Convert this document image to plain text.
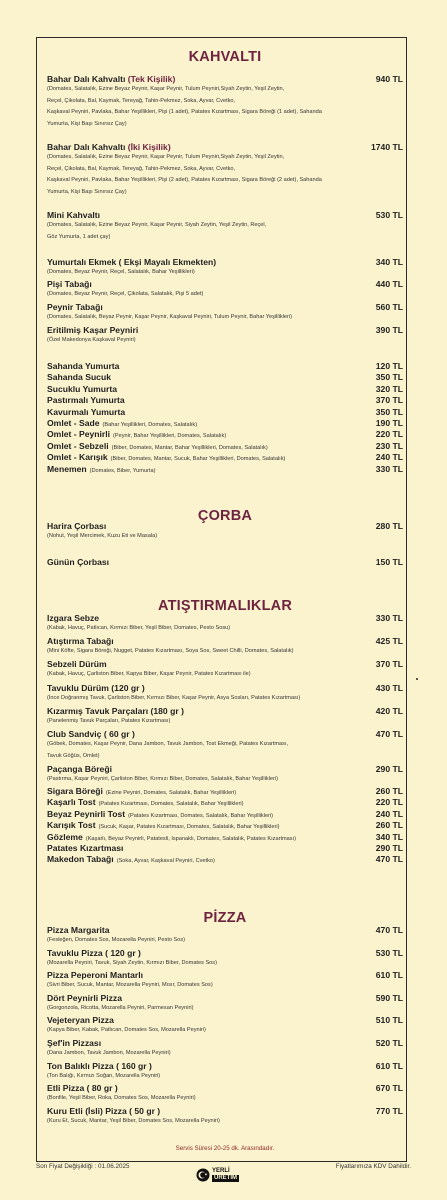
KAHVALTI
Bahar Dalı Kahvaltı (Tek Kişilik)	940 TL
(Domates, Salatalık, Ezine Beyaz Peynir, Kaşar Peynir, Tulum Peyniri,Siyah Zeytin, Yeşil Zeytin,
Reçel, Çikolata, Bal, Kaymak, Tereyağ, Tahin-Pekmez, Soka, Ayvar, Cvetko,
Kaşkaval Peyniri, Pavlaka, Bahar Yeşillikleri, Pişi (1 adet), Patates Kızartması, Sigara Böreği (1 adet), Sahanda
Yumurta, Kişi Başı Sınırsız Çay)
Bahar Dalı Kahvaltı (İki Kişilik)	1740 TL
(Domates, Salatalık, Ezine Beyaz Peynir, Kaşar Peynir, Tulum Peyniri,Siyah Zeytin, Yeşil Zeytin,
Reçel, Çikolata, Bal, Kaymak, Tereyağ, Tahin-Pekmez, Soka, Ayvar, Cvetko,
Kaşkaval Peyniri, Pavlaka, Bahar Yeşillikleri, Pişi (2 adet), Patates Kızartması, Sigara Böreği (2 adet), Sahanda
Yumurta, Kişi Başı Sınırsız Çay)
Mini Kahvaltı	530 TL
(Domates, Salatalık, Ezine Beyaz Peynir, Kaşar Peynir, Siyah Zeytin, Yeşil Zeytin, Reçel,
Göz Yumurta, 1 adet çay)
Yumurtalı Ekmek ( Ekşi Mayalı Ekmekten)	340 TL
(Domates, Beyaz Peynir, Reçel, Salatalık, Bahar Yeşillikleri)
Pişi Tabağı	440 TL
(Domates, Beyaz Peynir, Reçel, Çikolata, Salatalık, Pişi 5 adet)
Peynir Tabağı	560 TL
(Domates, Salatalık, Beyaz Peynir, Kaşar Peynir, Kaşkaval Peyniri, Tulum Peynir, Bahar Yeşillikleri)
Eritilmiş Kaşar Peyniri	390 TL
(Özel Makedonya Kaşkaval Peyniri)
Sahanda Yumurta	120 TL
Sahanda Sucuk	350 TL
Sucuklu Yumurta	320 TL
Pastırmalı Yumurta	370 TL
Kavurmalı Yumurta	350 TL
Omlet - Sade (Bahar Yeşillikleri, Domates, Salatalık)	190 TL
Omlet - Peynirli (Peynir, Bahar Yeşillikleri, Domates, Salatalık)	220 TL
Omlet - Sebzeli (Biber, Domates, Mantar, Bahar Yeşillikleri, Domates, Salatalık)	230 TL
Omlet - Karışık (Biber, Domates, Mantar, Sucuk, Bahar Yeşillikleri, Domates, Salatalık)	240 TL
Menemen (Domates, Biber, Yumurta)	330 TL
ÇORBA
Harira Çorbası	280 TL
(Nohut, Yeşil Mercimek, Kuzu Eti ve Masala)
Günün Çorbası	150 TL
ATIŞTIRMALIKLAR
Izgara Sebze	330 TL
(Kabak, Havuç, Patlıcan, Kırmızı Biber, Yeşil Biber, Domates, Pesto Sosu)
Atıştırma Tabağı	425 TL
(Mini Köfte, Sigara Böreği, Nugget, Patates Kızartması, Soya Sos, Sweet Chilli, Domates, Salatalık)
Sebzeli Dürüm	370 TL
(Kabak, Havuç, Çarliston Biber, Kapya Biber, Kaşar Peynir, Patates Kızartması ile)
Tavuklu Dürüm (120 gr )	430 TL
(İnce Doğranmış Tavuk, Çarliston Biber, Kırmızı Biber, Kaşar Peynir, Asya Sosları, Patates Kızartması)
Kızarmış Tavuk Parçaları (180 gr )	420 TL
(Panelenmiş Tavuk Parçaları, Patates Kızartması)
Club Sandviç ( 60 gr )	470 TL
(Göbek, Domates, Kaşar Peynir, Dana Jambon, Tavuk Jambon, Tost Ekmeği, Patates Kızartması,
Tavuk Göğüs, Omlet)
Paçanga Böreği	290 TL
(Pastırma, Kaşar Peyniri, Çarliston Biber, Kırmızı Biber, Domates, Salatalık, Bahar Yeşillikleri)
Sigara Böreği (Ezine Peyniri, Domates, Salatalık, Bahar Yeşillikleri)	260 TL
Kaşarlı Tost (Patates Kızartması, Domates, Salatalık, Bahar Yeşillikleri)	220 TL
Beyaz Peynirli Tost (Patates Kızartması, Domates, Salatalık, Bahar Yeşillikleri)	240 TL
Karışık Tost (Sucuk, Kaşar, Patates Kızartması, Domates, Salatalık, Bahar Yeşillikleri)	260 TL
Gözleme (Kaşarlı, Beyaz Peynirli, Patatesli, Ispanaklı, Domates, Salatalık, Patates Kızartması)	340 TL
Patates Kızartması	290 TL
Makedon Tabağı (Soka, Ayvar, Kaşkaval Peyniri, Cvetko)	470 TL
PİZZA
Pizza Margarita	470 TL
(Fesleğen, Domates Sos, Mozarella Peyniri, Pesto Sos)
Tavuklu Pizza ( 120 gr )	530 TL
(Mozarella Peyniri, Tavuk, Siyah Zeytin, Kırmızı Biber, Domates Sos)
Pizza Peperoni Mantarlı	610 TL
(Sivri Biber, Sucuk, Mantar, Mozarella Peyniri, Mısır, Domates Sos)
Dört Peynirli Pizza	590 TL
(Gorgonzola, Ricotta, Mozarella Peyniri, Parmesan Peyniri)
Vejeteryan Pizza	510 TL
(Kapya Biber, Kabak, Patlıcan, Domates Sos, Mozarella Peyniri)
Şef'in Pizzası	520 TL
(Dana Jambon, Tavuk Jambon, Mozarella Peyniri)
Ton Balıklı Pizza ( 160 gr )	610 TL
(Ton Balığı, Kırmızı Soğan, Mozarella Peyniri)
Etli Pizza ( 80 gr )	670 TL
(Bonfile, Yeşil Biber, Roka, Domates Sos, Mozarella Peyniri)
Kuru Etli (İsli) Pizza ( 50 gr )	770 TL
(Kuru Et, Sucuk, Mantar, Yeşil Biber, Domates Sos, Mozarella Peyniri)
Servis Süresi 20-25 dk. Arasındadır.
Son Fiyat Değişikliği : 01.06.2025
YERLİ
ÜRETİM
Fiyatlarımıza KDV Dahildir.
